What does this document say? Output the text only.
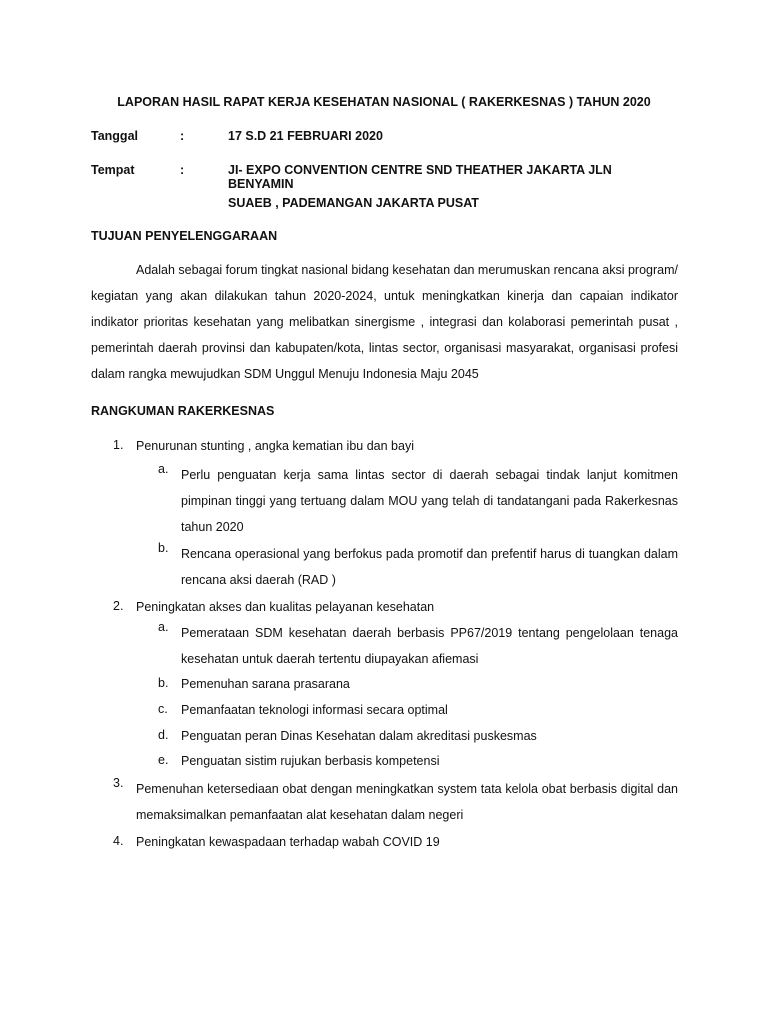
LAPORAN HASIL RAPAT KERJA KESEHATAN NASIONAL ( RAKERKESNAS ) TAHUN 2020
Tanggal	:	17 S.D 21 FEBRUARI 2020
Tempat	:	JI- EXPO CONVENTION CENTRE SND THEATHER JAKARTA JLN BENYAMIN
SUAEB , PADEMANGAN JAKARTA PUSAT
TUJUAN PENYELENGGARAAN

Adalah sebagai forum tingkat nasional bidang kesehatan dan merumuskan rencana aksi program/ kegiatan yang akan dilakukan tahun 2020-2024, untuk meningkatkan kinerja dan capaian indikator indikator prioritas kesehatan yang melibatkan sinergisme , integrasi dan kolaborasi pemerintah pusat , pemerintah daerah provinsi dan kabupaten/kota, lintas sector, organisasi masyarakat, organisasi profesi dalam rangka mewujudkan SDM Unggul Menuju Indonesia Maju 2045

RANGKUMAN RAKERKESNAS
1. Penurunan stunting , angka kematian ibu dan bayi
a. Perlu penguatan kerja sama lintas sector di daerah sebagai tindak lanjut komitmen pimpinan tinggi yang tertuang dalam MOU yang telah di tandatangani pada Rakerkesnas tahun 2020
b. Rencana operasional yang berfokus pada promotif dan prefentif harus di tuangkan dalam rencana aksi daerah (RAD )
2. Peningkatan akses dan kualitas pelayanan kesehatan
a. Pemerataan SDM kesehatan daerah berbasis PP67/2019 tentang pengelolaan tenaga kesehatan untuk daerah tertentu diupayakan afiemasi
b. Pemenuhan sarana prasarana
c. Pemanfaatan teknologi informasi secara optimal
d. Penguatan peran Dinas Kesehatan dalam akreditasi puskesmas
e. Penguatan sistim rujukan berbasis kompetensi
3. Pemenuhan ketersediaan obat dengan meningkatkan system tata kelola obat berbasis digital dan memaksimalkan pemanfaatan alat kesehatan dalam negeri
4. Peningkatan kewaspadaan terhadap wabah COVID 19
